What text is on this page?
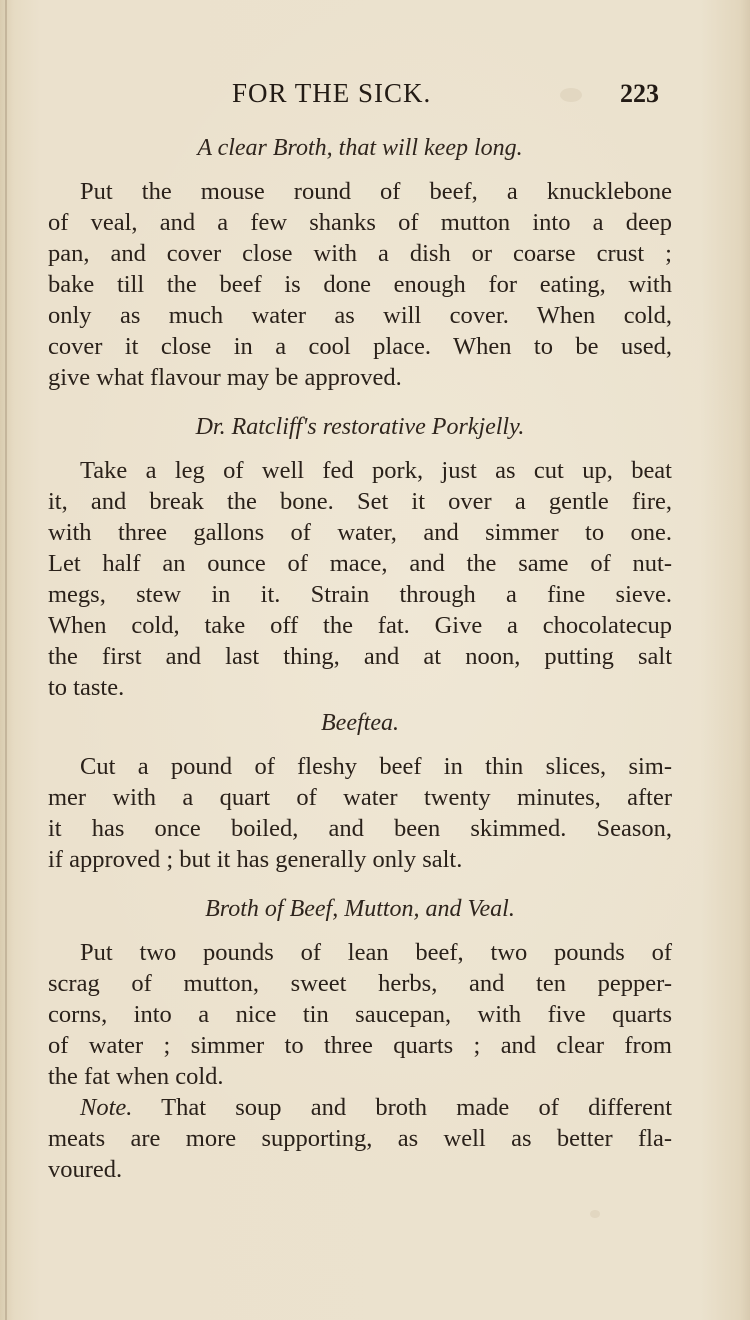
FOR THE SICK.	223
A clear Broth, that will keep long.
Put the mouse round of beef, a knucklebone
of veal, and a few shanks of mutton into a deep
pan, and cover close with a dish or coarse crust ;
bake till the beef is done enough for eating, with
only as much water as will cover. When cold,
cover it close in a cool place. When to be used,
give what flavour may be approved.
Dr. Ratcliff's restorative Porkjelly.
Take a leg of well fed pork, just as cut up, beat
it, and break the bone. Set it over a gentle fire,
with three gallons of water, and simmer to one.
Let half an ounce of mace, and the same of nut-
megs, stew in it. Strain through a fine sieve.
When cold, take off the fat. Give a chocolatecup
the first and last thing, and at noon, putting salt
to taste.
Beeftea.
Cut a pound of fleshy beef in thin slices, sim-
mer with a quart of water twenty minutes, after
it has once boiled, and been skimmed. Season,
if approved ; but it has generally only salt.
Broth of Beef, Mutton, and Veal.
Put two pounds of lean beef, two pounds of
scrag of mutton, sweet herbs, and ten pepper-
corns, into a nice tin saucepan, with five quarts
of water ; simmer to three quarts ; and clear from
the fat when cold.
Note. That soup and broth made of different
meats are more supporting, as well as better fla-
voured.
